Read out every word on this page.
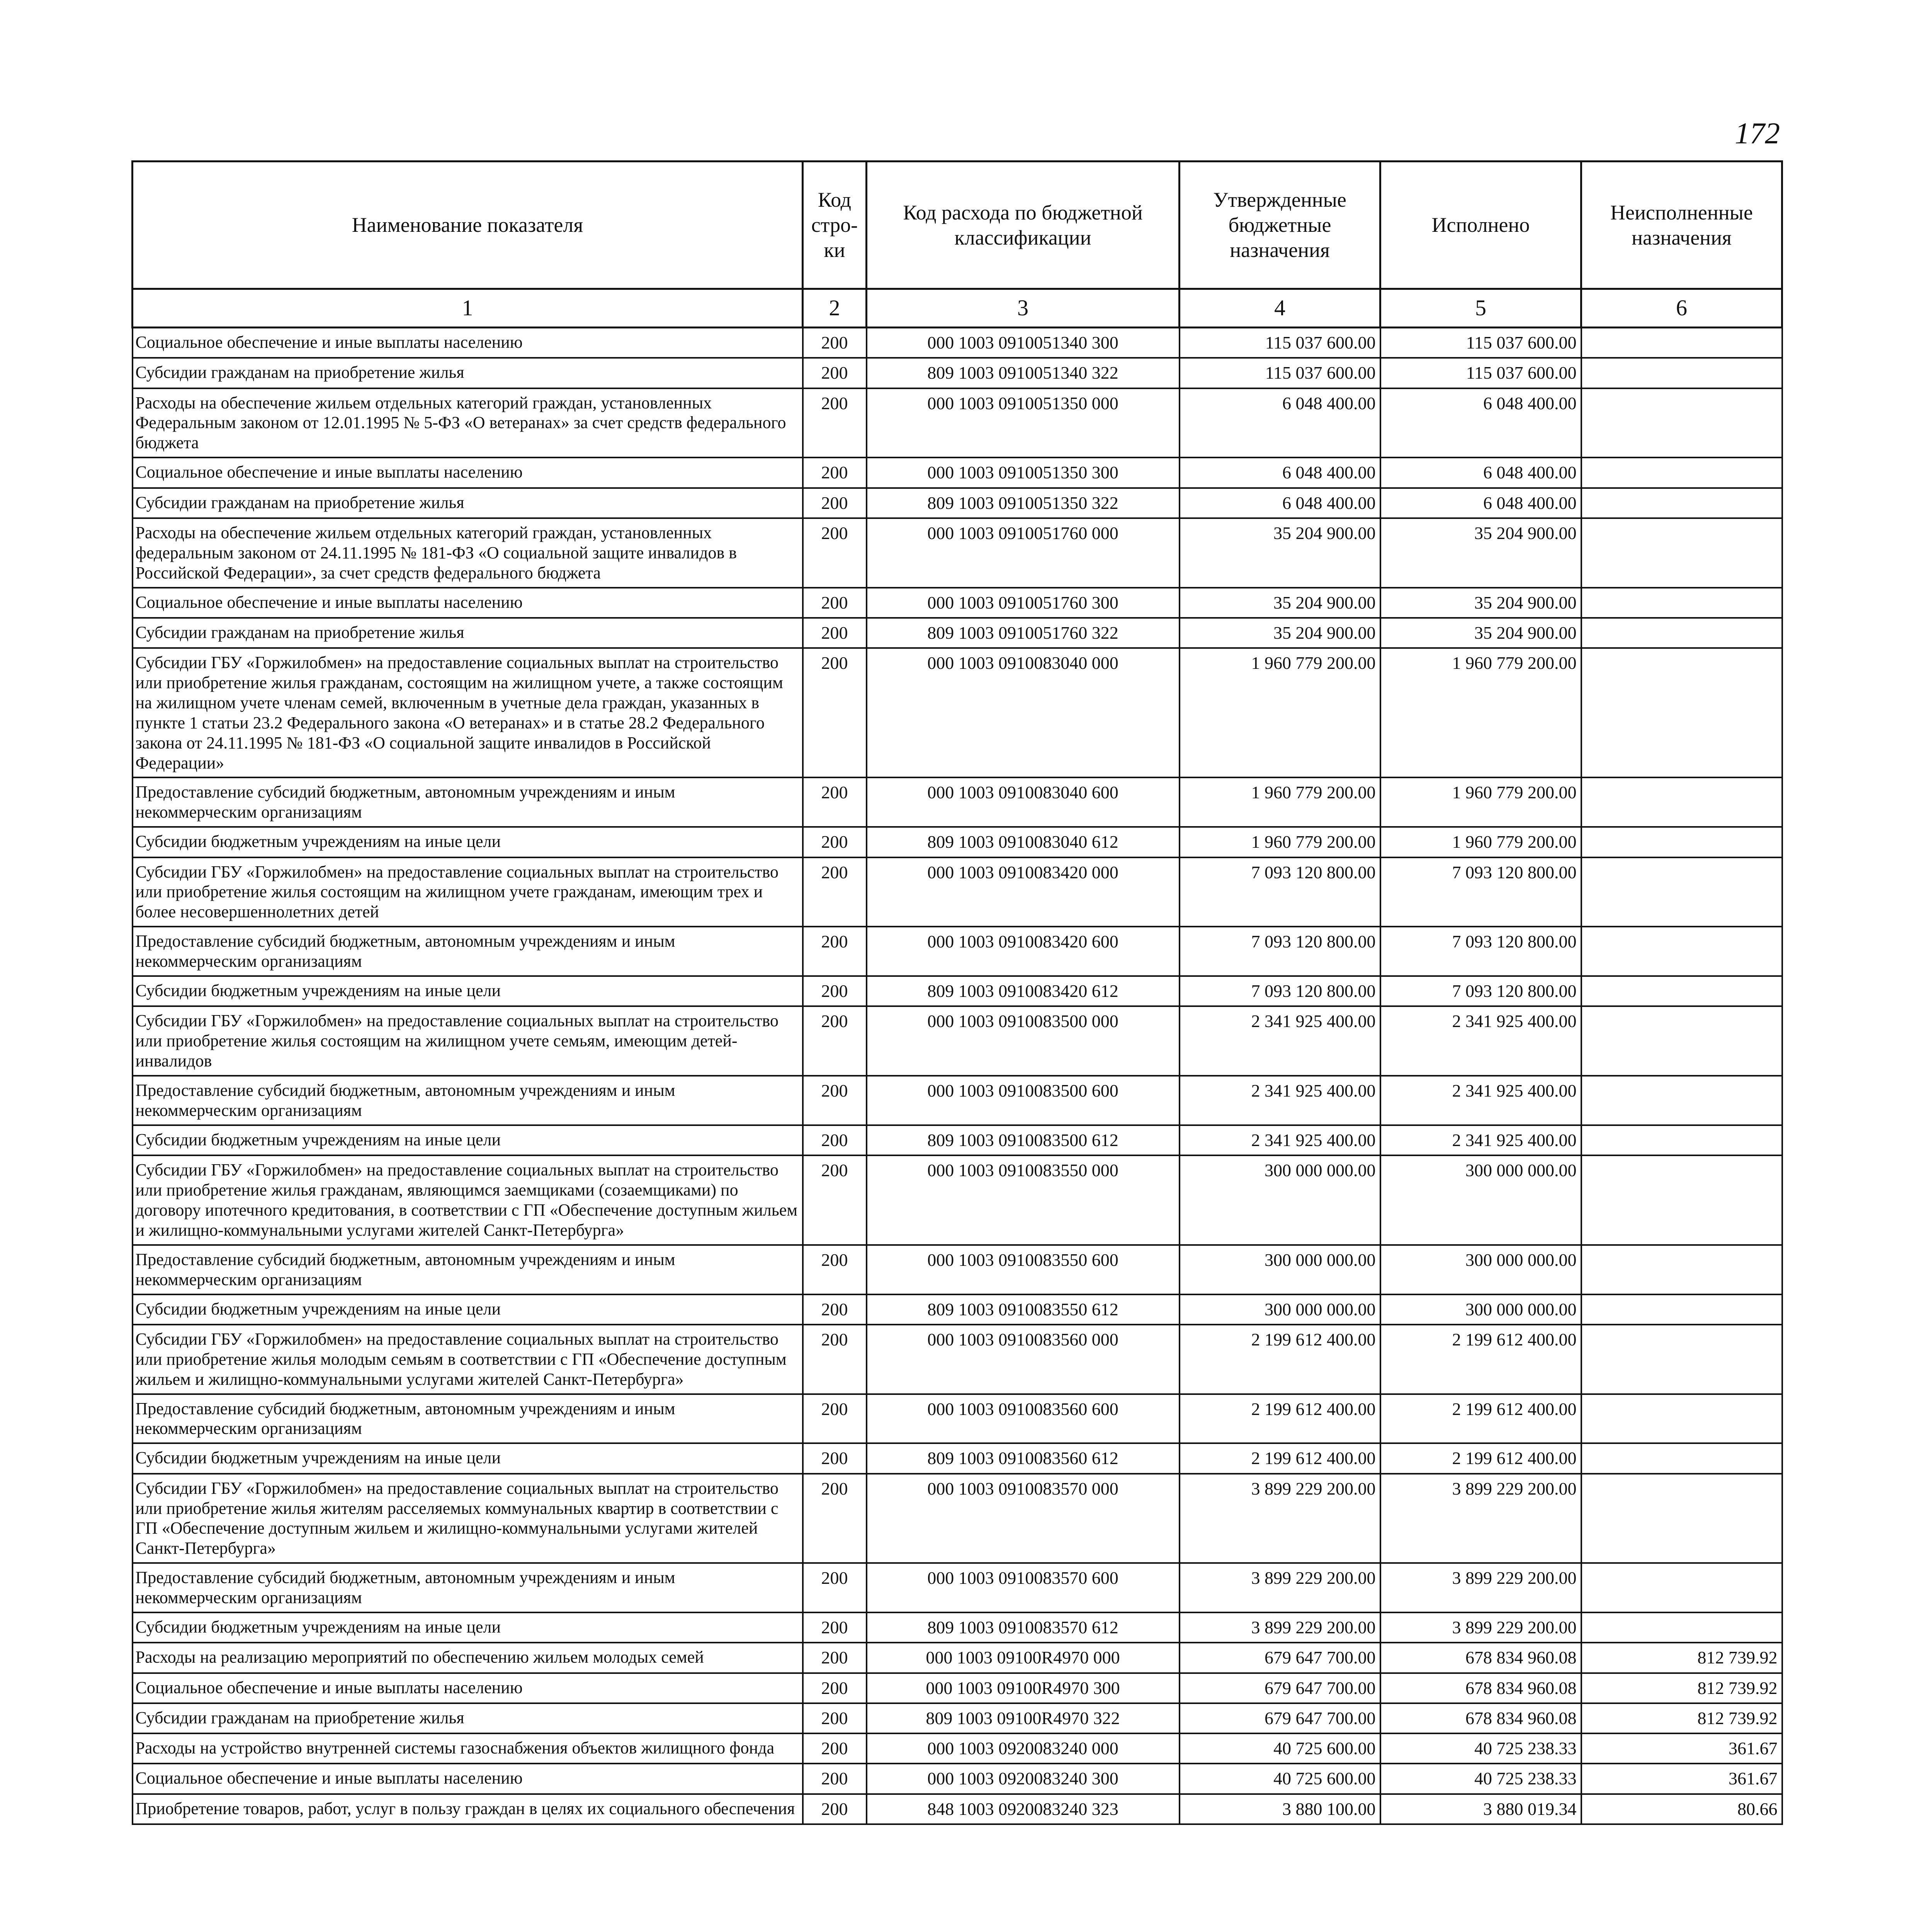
172
Наименование показателя	Код стро-ки	Код расхода по бюджетной классификации	Утвержденные бюджетные назначения	Исполнено	Неисполненные назначения
1	2	3	4	5	6
Социальное обеспечение и иные выплаты населению	200	000 1003 0910051340 300	115 037 600.00	115 037 600.00	
Субсидии гражданам на приобретение жилья	200	809 1003 0910051340 322	115 037 600.00	115 037 600.00	
Расходы на обеспечение жильем отдельных категорий граждан, установленных Федеральным законом от 12.01.1995 № 5-ФЗ «О ветеранах» за счет средств федерального бюджета	200	000 1003 0910051350 000	6 048 400.00	6 048 400.00	
Социальное обеспечение и иные выплаты населению	200	000 1003 0910051350 300	6 048 400.00	6 048 400.00	
Субсидии гражданам на приобретение жилья	200	809 1003 0910051350 322	6 048 400.00	6 048 400.00	
Расходы на обеспечение жильем отдельных категорий граждан, установленных федеральным законом от 24.11.1995 № 181-ФЗ «О социальной защите инвалидов в Российской Федерации», за счет средств федерального бюджета	200	000 1003 0910051760 000	35 204 900.00	35 204 900.00	
Социальное обеспечение и иные выплаты населению	200	000 1003 0910051760 300	35 204 900.00	35 204 900.00	
Субсидии гражданам на приобретение жилья	200	809 1003 0910051760 322	35 204 900.00	35 204 900.00	
Субсидии ГБУ «Горжилобмен» на предоставление социальных выплат на строительство или приобретение жилья гражданам, состоящим на жилищном учете, а также состоящим на жилищном учете членам семей, включенным в учетные дела граждан, указанных в пункте 1 статьи 23.2 Федерального закона «О ветеранах» и в статье 28.2 Федерального закона от 24.11.1995 № 181-ФЗ «О социальной защите инвалидов в Российской Федерации»	200	000 1003 0910083040 000	1 960 779 200.00	1 960 779 200.00	
Предоставление субсидий бюджетным, автономным учреждениям и иным некоммерческим организациям	200	000 1003 0910083040 600	1 960 779 200.00	1 960 779 200.00	
Субсидии бюджетным учреждениям на иные цели	200	809 1003 0910083040 612	1 960 779 200.00	1 960 779 200.00	
Субсидии ГБУ «Горжилобмен» на предоставление социальных выплат на строительство или приобретение жилья состоящим на жилищном учете гражданам, имеющим трех и более несовершеннолетних детей	200	000 1003 0910083420 000	7 093 120 800.00	7 093 120 800.00	
Предоставление субсидий бюджетным, автономным учреждениям и иным некоммерческим организациям	200	000 1003 0910083420 600	7 093 120 800.00	7 093 120 800.00	
Субсидии бюджетным учреждениям на иные цели	200	809 1003 0910083420 612	7 093 120 800.00	7 093 120 800.00	
Субсидии ГБУ «Горжилобмен» на предоставление социальных выплат на строительство или приобретение жилья состоящим на жилищном учете семьям, имеющим детей-инвалидов	200	000 1003 0910083500 000	2 341 925 400.00	2 341 925 400.00	
Предоставление субсидий бюджетным, автономным учреждениям и иным некоммерческим организациям	200	000 1003 0910083500 600	2 341 925 400.00	2 341 925 400.00	
Субсидии бюджетным учреждениям на иные цели	200	809 1003 0910083500 612	2 341 925 400.00	2 341 925 400.00	
Субсидии ГБУ «Горжилобмен» на предоставление социальных выплат на строительство или приобретение жилья гражданам, являющимся заемщиками (созаемщиками) по договору ипотечного кредитования, в соответствии с ГП «Обеспечение доступным жильем и жилищно-коммунальными услугами жителей Санкт-Петербурга»	200	000 1003 0910083550 000	300 000 000.00	300 000 000.00	
Предоставление субсидий бюджетным, автономным учреждениям и иным некоммерческим организациям	200	000 1003 0910083550 600	300 000 000.00	300 000 000.00	
Субсидии бюджетным учреждениям на иные цели	200	809 1003 0910083550 612	300 000 000.00	300 000 000.00	
Субсидии ГБУ «Горжилобмен» на предоставление социальных выплат на строительство или приобретение жилья молодым семьям в соответствии с ГП «Обеспечение доступным жильем и жилищно-коммунальными услугами жителей Санкт-Петербурга»	200	000 1003 0910083560 000	2 199 612 400.00	2 199 612 400.00	
Предоставление субсидий бюджетным, автономным учреждениям и иным некоммерческим организациям	200	000 1003 0910083560 600	2 199 612 400.00	2 199 612 400.00	
Субсидии бюджетным учреждениям на иные цели	200	809 1003 0910083560 612	2 199 612 400.00	2 199 612 400.00	
Субсидии ГБУ «Горжилобмен» на предоставление социальных выплат на строительство или приобретение жилья жителям расселяемых коммунальных квартир в соответствии с ГП «Обеспечение доступным жильем и жилищно-коммунальными услугами жителей Санкт-Петербурга»	200	000 1003 0910083570 000	3 899 229 200.00	3 899 229 200.00	
Предоставление субсидий бюджетным, автономным учреждениям и иным некоммерческим организациям	200	000 1003 0910083570 600	3 899 229 200.00	3 899 229 200.00	
Субсидии бюджетным учреждениям на иные цели	200	809 1003 0910083570 612	3 899 229 200.00	3 899 229 200.00	
Расходы на реализацию мероприятий по обеспечению жильем молодых семей	200	000 1003 09100R4970 000	679 647 700.00	678 834 960.08	812 739.92
Социальное обеспечение и иные выплаты населению	200	000 1003 09100R4970 300	679 647 700.00	678 834 960.08	812 739.92
Субсидии гражданам на приобретение жилья	200	809 1003 09100R4970 322	679 647 700.00	678 834 960.08	812 739.92
Расходы на устройство внутренней системы газоснабжения объектов жилищного фонда	200	000 1003 0920083240 000	40 725 600.00	40 725 238.33	361.67
Социальное обеспечение и иные выплаты населению	200	000 1003 0920083240 300	40 725 600.00	40 725 238.33	361.67
Приобретение товаров, работ, услуг в пользу граждан в целях их социального обеспечения	200	848 1003 0920083240 323	3 880 100.00	3 880 019.34	80.66
